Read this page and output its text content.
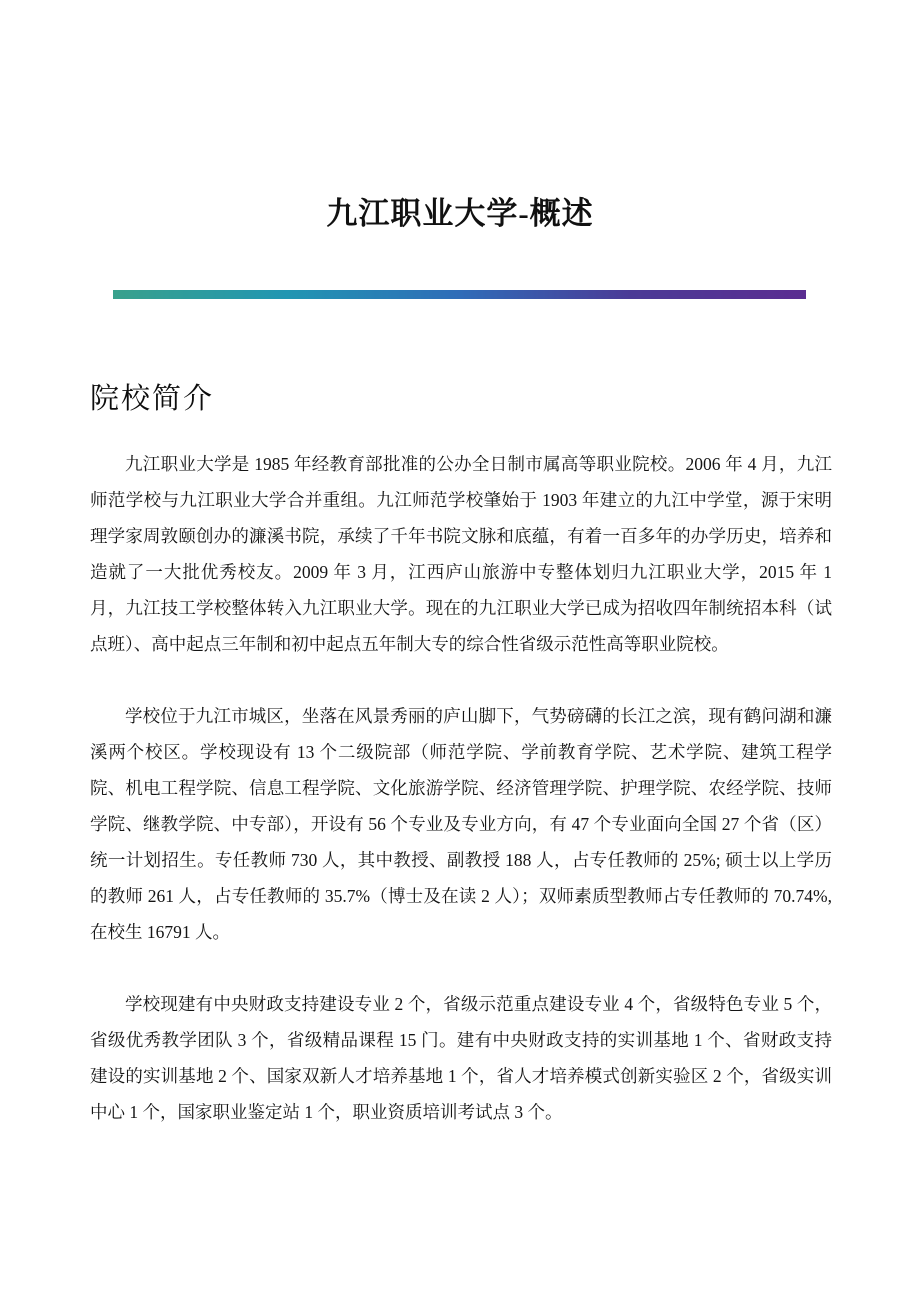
九江职业大学-概述
院校简介

九江职业大学是 1985 年经教育部批准的公办全日制市属高等职业院校。2006 年 4 月，九江师范学校与九江职业大学合并重组。九江师范学校肇始于 1903 年建立的九江中学堂，源于宋明理学家周敦颐创办的濂溪书院，承续了千年书院文脉和底蕴，有着一百多年的办学历史，培养和造就了一大批优秀校友。2009 年 3 月，江西庐山旅游中专整体划归九江职业大学，2015 年 1 月，九江技工学校整体转入九江职业大学。现在的九江职业大学已成为招收四年制统招本科（试点班）、高中起点三年制和初中起点五年制大专的综合性省级示范性高等职业院校。

学校位于九江市城区，坐落在风景秀丽的庐山脚下，气势磅礴的长江之滨，现有鹤问湖和濂溪两个校区。学校现设有 13 个二级院部（师范学院、学前教育学院、艺术学院、建筑工程学院、机电工程学院、信息工程学院、文化旅游学院、经济管理学院、护理学院、农经学院、技师学院、继教学院、中专部），开设有 56 个专业及专业方向，有 47 个专业面向全国 27 个省（区）统一计划招生。专任教师 730 人，其中教授、副教授 188 人，占专任教师的 25%; 硕士以上学历的教师 261 人，占专任教师的 35.7%（博士及在读 2 人）；双师素质型教师占专任教师的 70.74%, 在校生 16791 人。

学校现建有中央财政支持建设专业 2 个，省级示范重点建设专业 4 个，省级特色专业 5 个，省级优秀教学团队 3 个，省级精品课程 15 门。建有中央财政支持的实训基地 1 个、省财政支持建设的实训基地 2 个、国家双新人才培养基地 1 个，省人才培养模式创新实验区 2 个，省级实训中心 1 个，国家职业鉴定站 1 个，职业资质培训考试点 3 个。
